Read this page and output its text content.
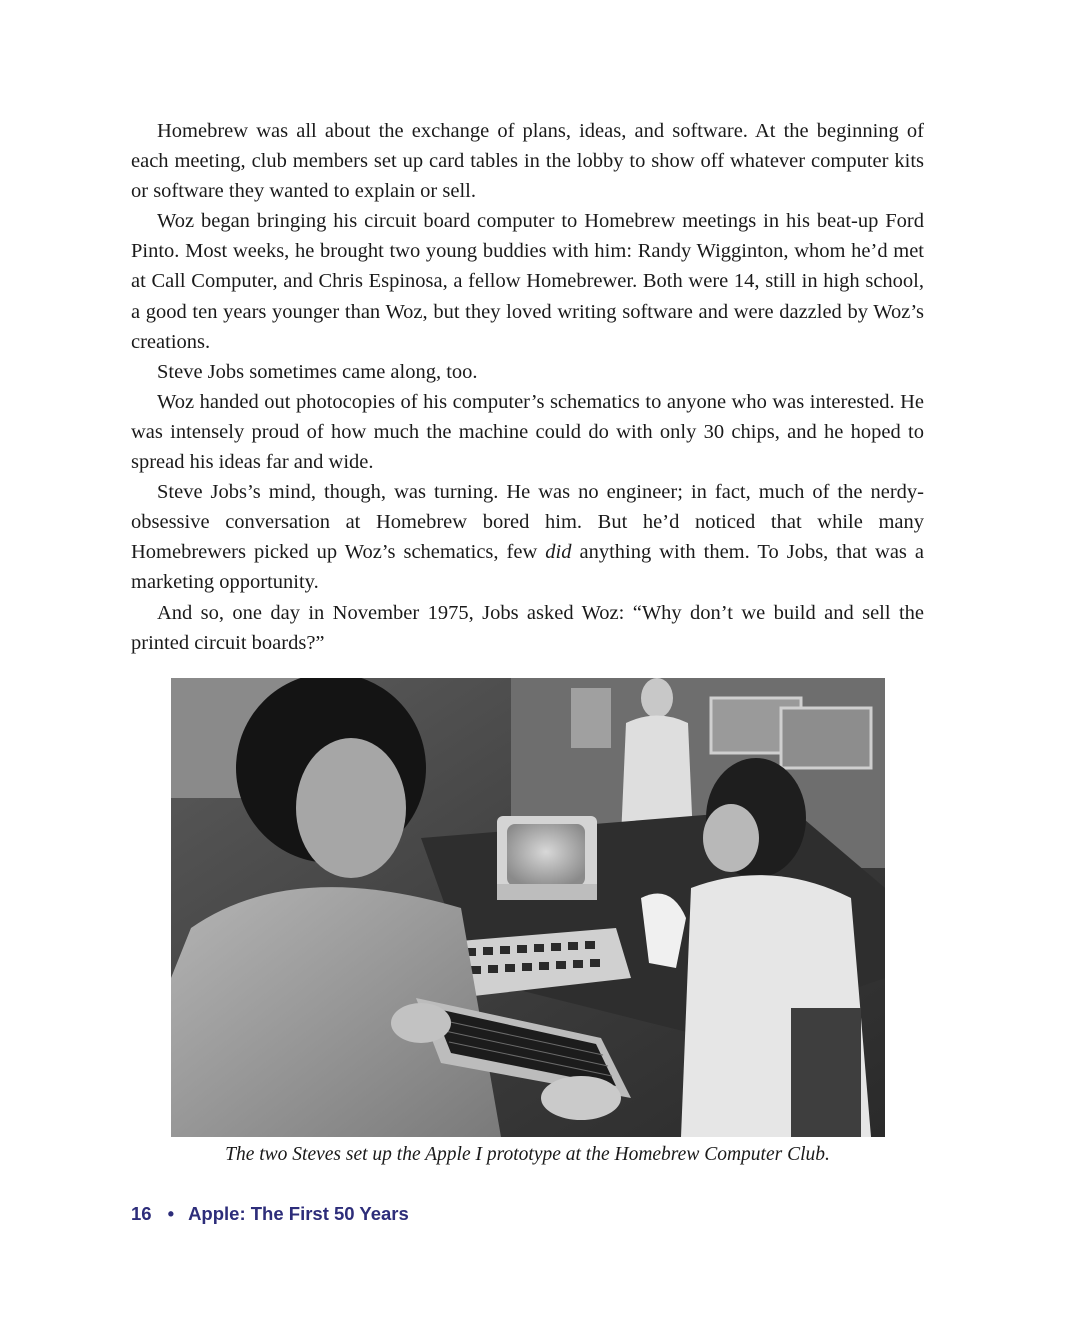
Homebrew was all about the exchange of plans, ideas, and software. At the beginning of each meeting, club members set up card tables in the lobby to show off whatever computer kits or software they wanted to explain or sell.

Woz began bringing his circuit board computer to Homebrew meetings in his beat-up Ford Pinto. Most weeks, he brought two young buddies with him: Randy Wigginton, whom he’d met at Call Computer, and Chris Espinosa, a fellow Homebrewer. Both were 14, still in high school, a good ten years younger than Woz, but they loved writing software and were dazzled by Woz’s creations.

Steve Jobs sometimes came along, too.

Woz handed out photocopies of his computer’s schematics to anyone who was interested. He was intensely proud of how much the machine could do with only 30 chips, and he hoped to spread his ideas far and wide.

Steve Jobs’s mind, though, was turning. He was no engineer; in fact, much of the nerdy-obsessive conversation at Homebrew bored him. But he’d noticed that while many Homebrewers picked up Woz’s schematics, few did anything with them. To Jobs, that was a marketing opportunity.

And so, one day in November 1975, Jobs asked Woz: “Why don’t we build and sell the printed circuit boards?”

The two Steves set up the Apple I prototype at the Homebrew Computer Club.
16 • Apple: The First 50 Years
